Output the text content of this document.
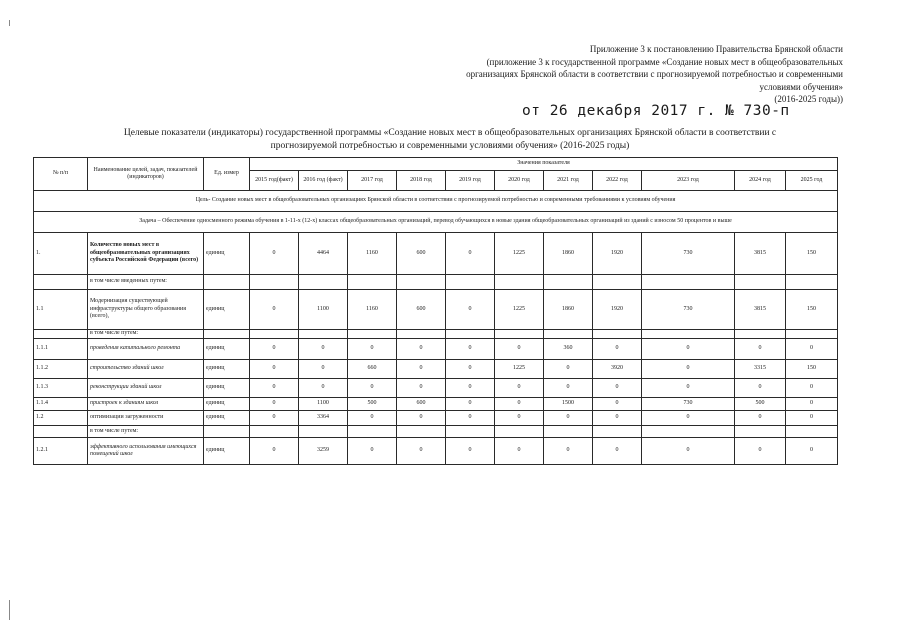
Приложение 3 к постановлению Правительства Брянской области
(приложение 3 к государственной программе «Создание новых мест в общеобразовательных
организациях Брянской области в соответствии с прогнозируемой потребностью и современными
условиями обучения»
(2016-2025 годы))
от 26 декабря 2017 г. № 730-п
Целевые показатели (индикаторы) государственной программы «Создание новых мест в общеобразовательных организациях Брянской области в соответствии с
прогнозируемой потребностью и современными условиями обучения» (2016-2025 годы)
№ п/п	Наименование целей, задач, показателей (индикаторов)	Ед. измер	Значения показателя										
			2015 год(факт)	2016 год (факт)	2017 год	2018 год	2019 год	2020 год	2021 год	2022 год	2023 год	2024 год	2025 год
Цель- Создание новых мест в общеобразовательных организациях Брянской области в соответствии с прогнозируемой потребностью и современными требованиями к условиям обучения													
Задача – Обеспечение односменного режима обучения в 1-11-х (12-х) классах общеобразовательных организаций, перевод обучающихся в новые здания общеобразовательных организаций из зданий с износом 50 процентов и выше													
1.	Количество новых мест в общеобразовательных организациях субъекта Российской Федерации (всего)	единиц	0	4464	1160	600	0	1225	1860	1920	730	3815	150
	в том числе введенных путем:												
1.1	Модернизация существующей инфраструктуры общего образования (всего),	единиц	0	1100	1160	600	0	1225	1860	1920	730	3815	150
	в том числе путем:												
1.1.1	проведения капитального ремонта	единиц	0	0	0	0	0	0	360	0	0	0	0
1.1.2	строительство зданий школ	единиц	0	0	660	0	0	1225	0	3920	0	3315	150
1.1.3	реконструкции зданий школ	единиц	0	0	0	0	0	0	0	0	0	0	0
1.1.4	пристроек к зданиям школ	единиц	0	1100	500	600	0	0	1500	0	730	500	0
1.2	оптимизации загруженности	единиц	0	3364	0	0	0	0	0	0	0	0	0
	в том числе путем:												
1.2.1	эффективного использования имеющихся помещений школ	единиц	0	3259	0	0	0	0	0	0	0	0	0
